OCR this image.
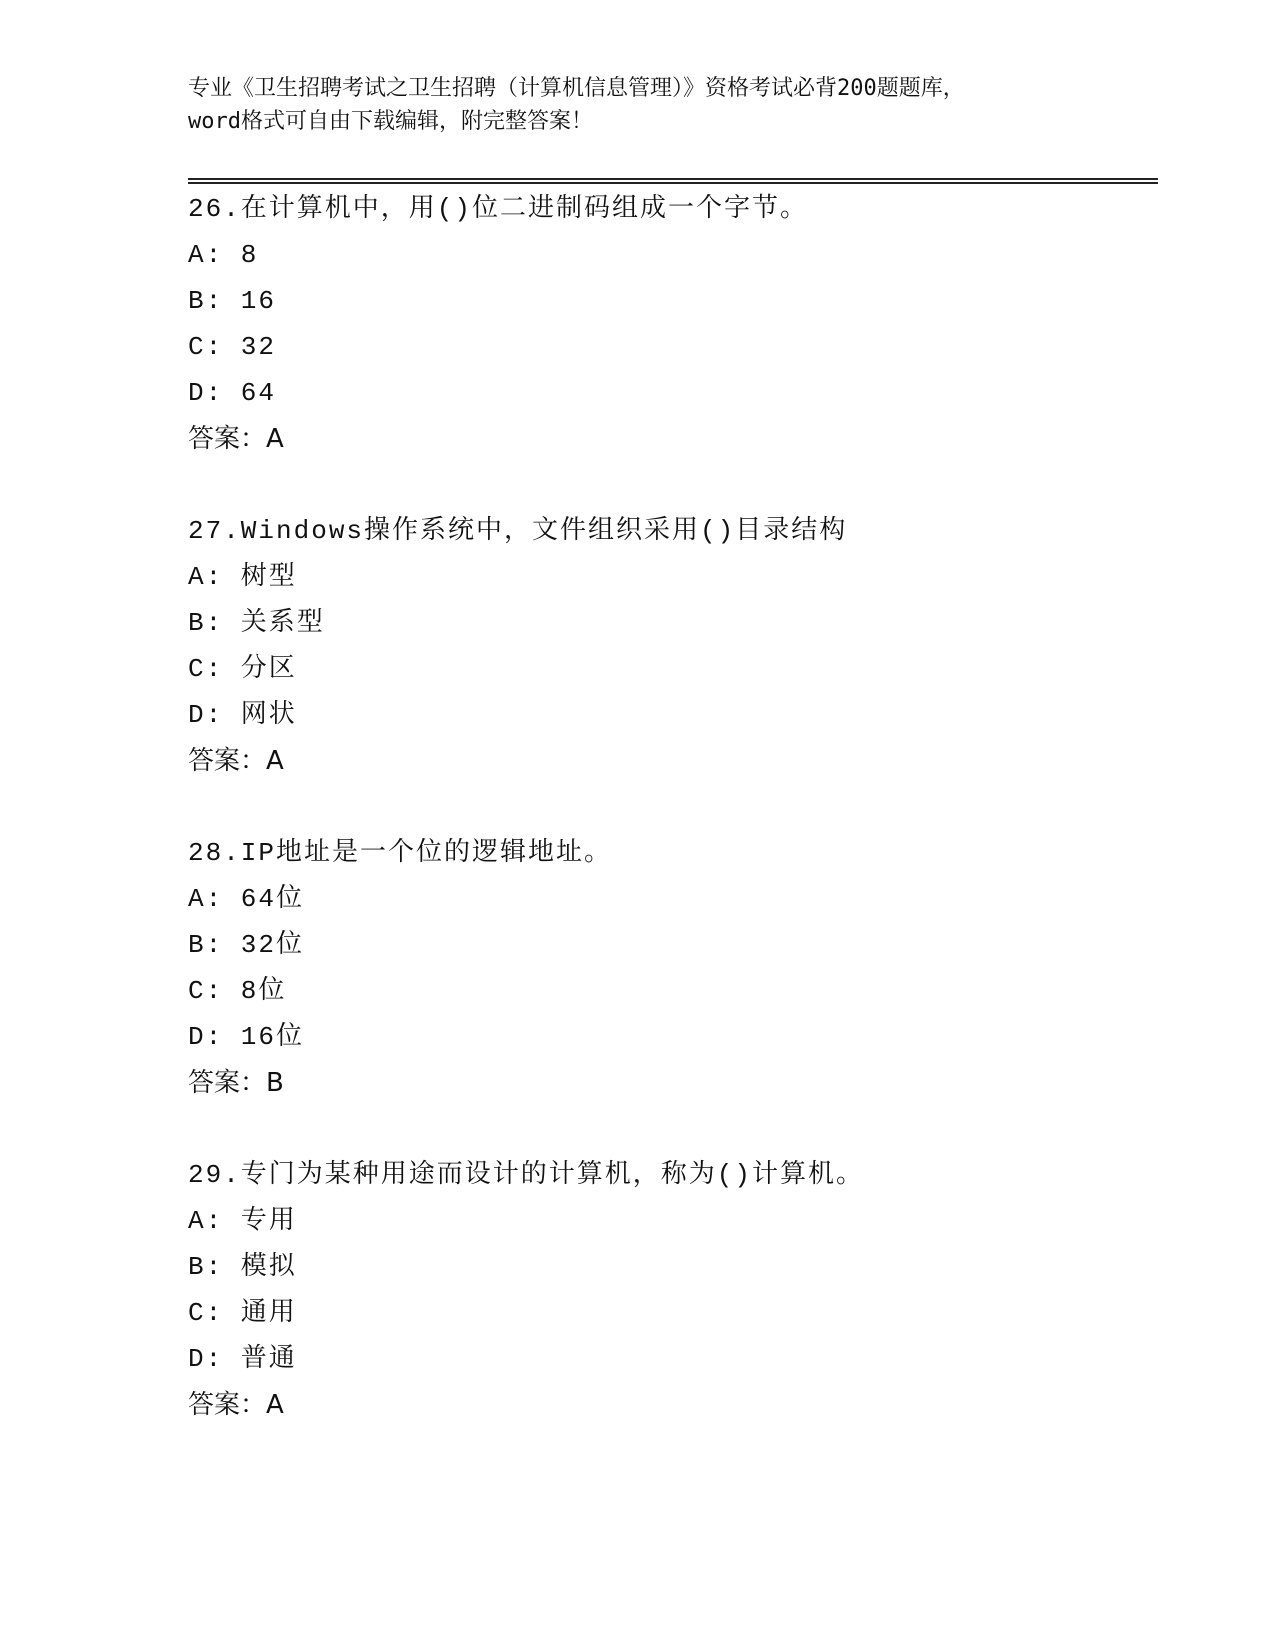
专业《卫生招聘考试之卫生招聘（计算机信息管理）》资格考试必背200题题库，
word格式可自由下载编辑，附完整答案！
26.在计算机中，用()位二进制码组成一个字节。
A: 8
B: 16
C: 32
D: 64
答案：A
27.Windows操作系统中，文件组织采用()目录结构
A: 树型
B: 关系型
C: 分区
D: 网状
答案：A
28.IP地址是一个位的逻辑地址。
A: 64位
B: 32位
C: 8位
D: 16位
答案：B
29.专门为某种用途而设计的计算机，称为()计算机。
A: 专用
B: 模拟
C: 通用
D: 普通
答案：A
